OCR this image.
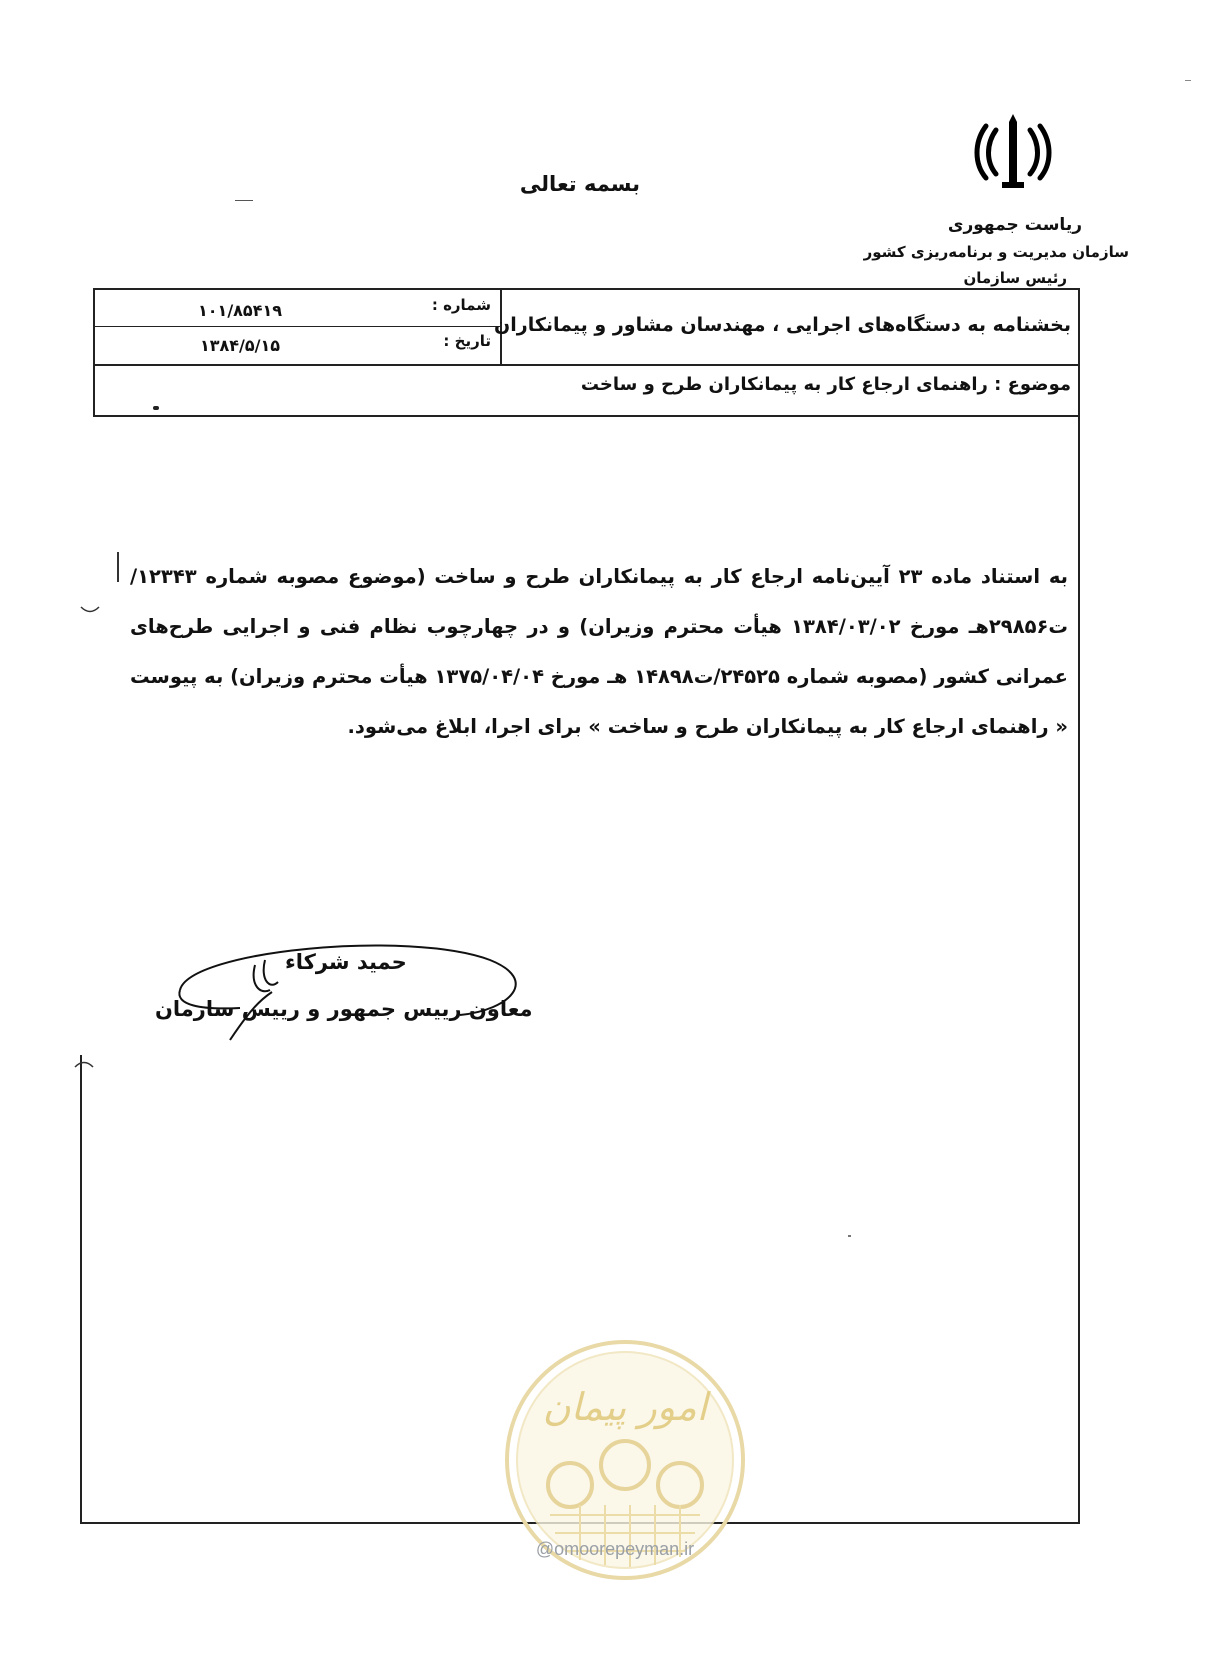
بسمه تعالی
ریاست جمهوری
سازمان مدیریت و برنامه‌ریزی کشور
رئیس سازمان
شماره :
۱۰۱/۸۵۴۱۹
تاریخ :
۱۳۸۴/۵/۱۵
بخشنامه به دستگاه‌های اجرایی ، مهندسان مشاور و پیمانکاران
موضوع : راهنمای ارجاع کار به پیمانکاران طرح و ساخت
به استناد ماده ۲۳ آیین‌نامه ارجاع کار به پیمانکاران طرح و ساخت (موضوع مصوبه شماره ۱۲۳۴۳/ت۲۹۸۵۶هـ مورخ ۱۳۸۴/۰۳/۰۲ هیأت محترم وزیران) و در چهارچوب نظام فنی و اجرایی طرح‌های عمرانی کشور (مصوبه شماره ۲۴۵۲۵/ت۱۴۸۹۸ هـ مورخ ۱۳۷۵/۰۴/۰۴ هیأت محترم وزیران) به پیوست « راهنمای ارجاع کار به پیمانکاران طرح و ساخت » برای اجرا، ابلاغ می‌شود.
حمید شرکاء
معاون رییس جمهور و رییس سازمان
امور پیمان
@omoorepeyman.ir
